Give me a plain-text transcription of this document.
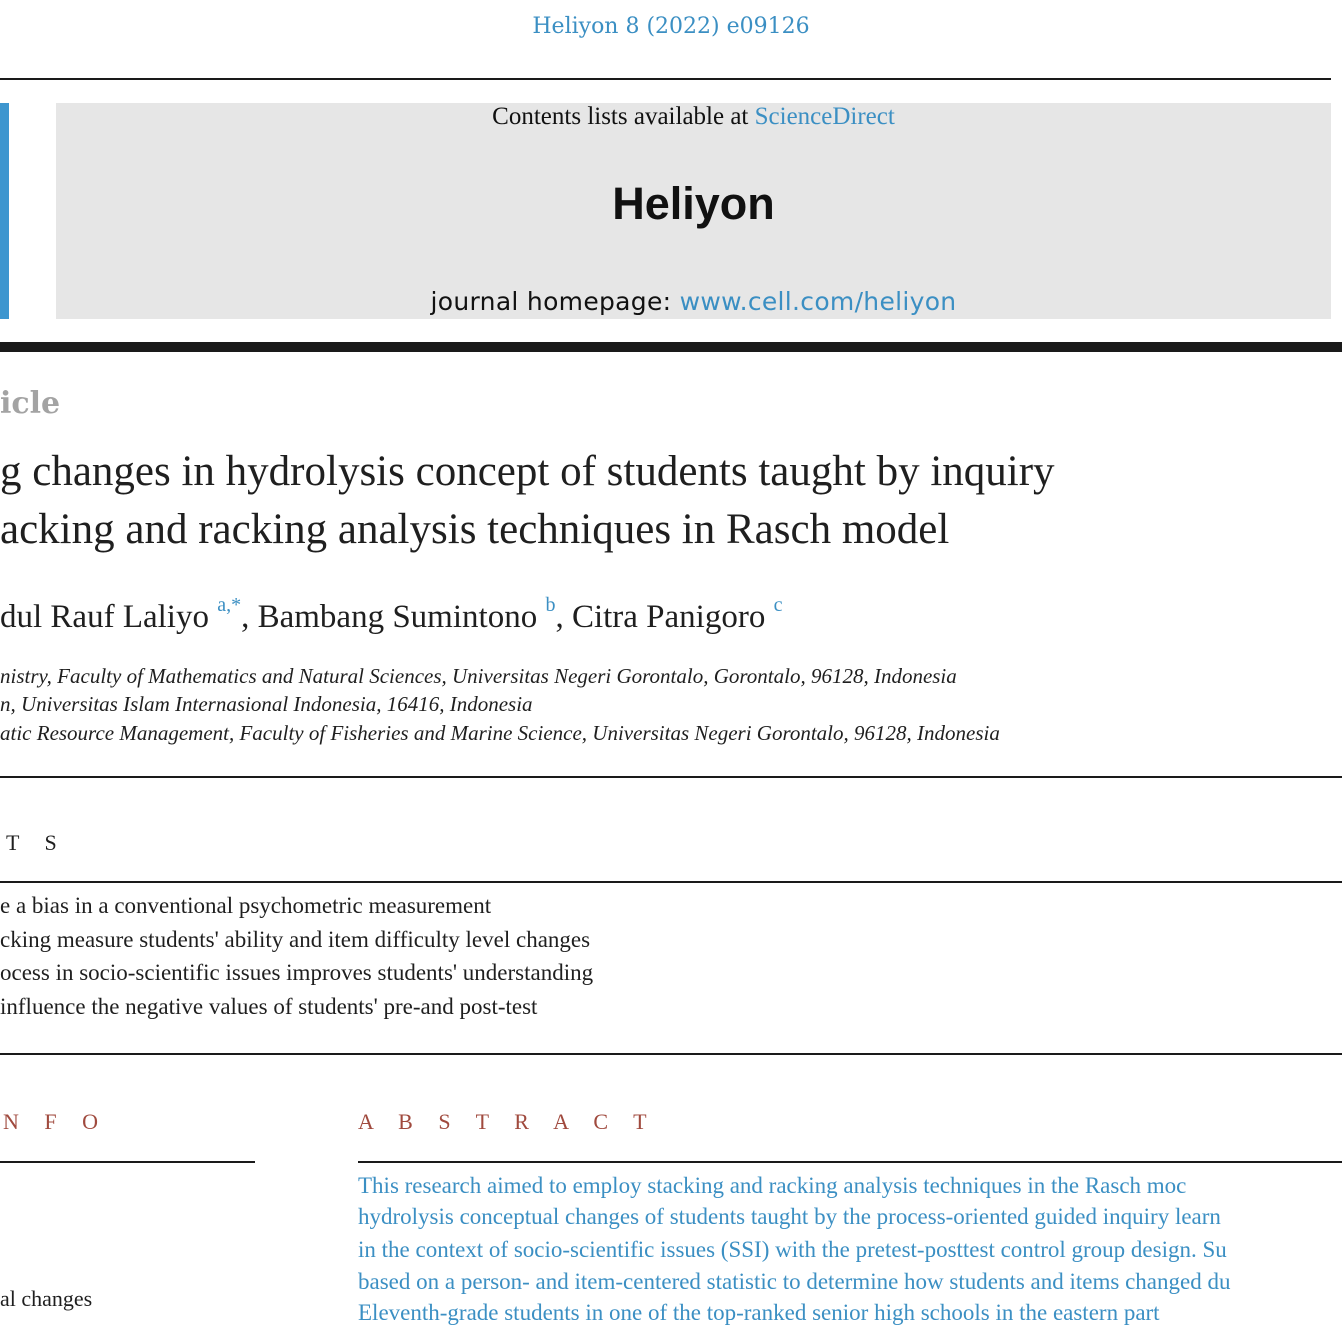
Heliyon 8 (2022) e09126
Contents lists available at ScienceDirect
Heliyon
journal homepage: www.cell.com/heliyon
icle
g changes in hydrolysis concept of students taught by inquiry
acking and racking analysis techniques in Rasch model
dul Rauf Laliyo $^{a,*}$, Bambang Sumintono $^b$, Citra Panigoro $^c$
nistry, Faculty of Mathematics and Natural Sciences, Universitas Negeri Gorontalo, Gorontalo, 96128, Indonesia
n, Universitas Islam Internasional Indonesia, 16416, Indonesia
atic Resource Management, Faculty of Fisheries and Marine Science, Universitas Negeri Gorontalo, 96128, Indonesia
T S
e a bias in a conventional psychometric measurement
cking measure students' ability and item difficulty level changes
ocess in socio-scientific issues improves students' understanding
influence the negative values of students' pre-and post-test
N F O
al changes
A B S T R A C T
This research aimed to employ stacking and racking analysis techniques in the Rasch moc
hydrolysis conceptual changes of students taught by the process-oriented guided inquiry learn
in the context of socio-scientific issues (SSI) with the pretest-posttest control group design. Su
based on a person- and item-centered statistic to determine how students and items changed du
Eleventh-grade students in one of the top-ranked senior high schools in the eastern part
